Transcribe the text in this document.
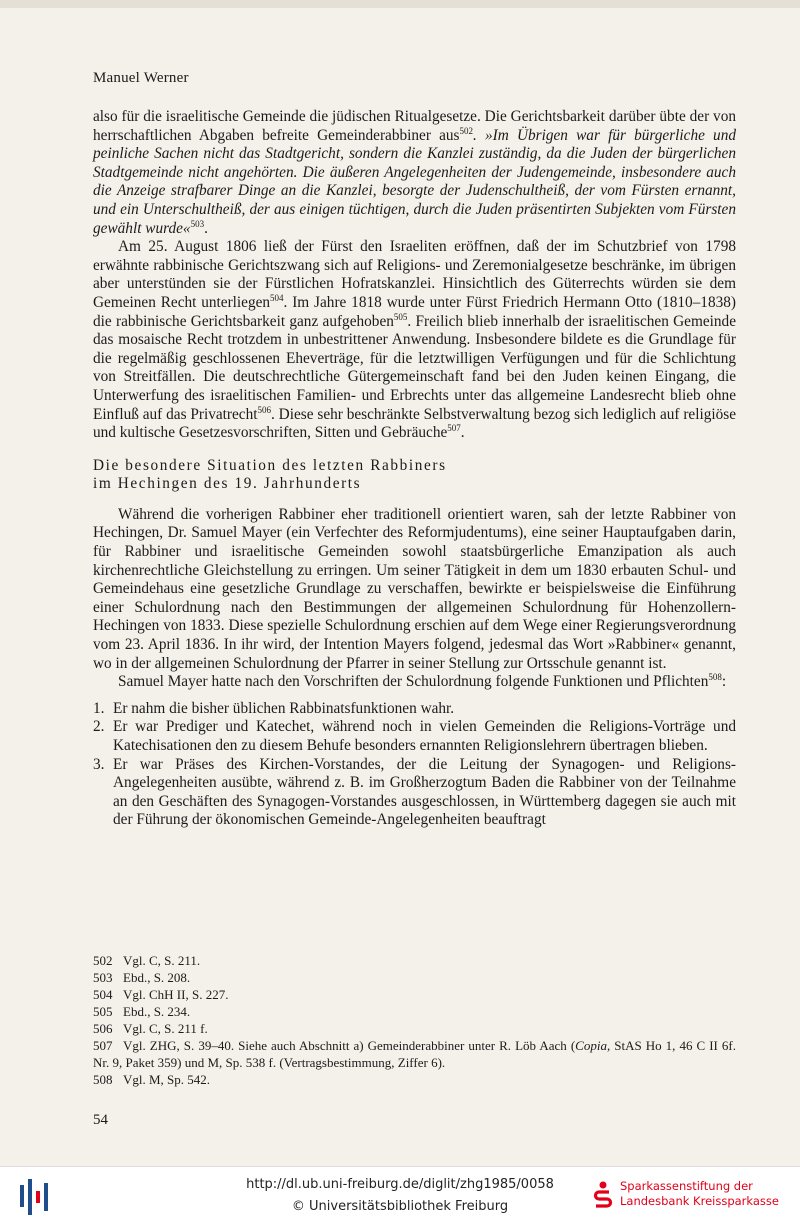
Manuel Werner

also für die israelitische Gemeinde die jüdischen Ritualgesetze. Die Gerichtsbarkeit darüber übte der von herrschaftlichen Abgaben befreite Gemeinderabbiner aus$^{502}$. »Im Übrigen war für bürgerliche und peinliche Sachen nicht das Stadtgericht, sondern die Kanzlei zuständig, da die Juden der bürgerlichen Stadtgemeinde nicht angehörten. Die äußeren Angelegenheiten der Judengemeinde, insbesondere auch die Anzeige strafbarer Dinge an die Kanzlei, besorgte der Judenschultheiß, der vom Fürsten ernannt, und ein Unterschultheiß, der aus einigen tüchtigen, durch die Juden präsentirten Subjekten vom Fürsten gewählt wurde«$^{503}$.

Am 25. August 1806 ließ der Fürst den Israeliten eröffnen, daß der im Schutzbrief von 1798 erwähnte rabbinische Gerichtszwang sich auf Religions- und Zeremonialgesetze beschränke, im übrigen aber unterstünden sie der Fürstlichen Hofratskanzlei. Hinsichtlich des Güterrechts würden sie dem Gemeinen Recht unterliegen$^{504}$. Im Jahre 1818 wurde unter Fürst Friedrich Hermann Otto (1810–1838) die rabbinische Gerichtsbarkeit ganz aufgehoben$^{505}$. Freilich blieb innerhalb der israelitischen Gemeinde das mosaische Recht trotzdem in unbestrittener Anwendung. Insbesondere bildete es die Grundlage für die regelmäßig geschlossenen Eheverträge, für die letztwilligen Verfügungen und für die Schlichtung von Streitfällen. Die deutschrechtliche Gütergemeinschaft fand bei den Juden keinen Eingang, die Unterwerfung des israelitischen Familien- und Erbrechts unter das allgemeine Landesrecht blieb ohne Einfluß auf das Privatrecht$^{506}$. Diese sehr beschränkte Selbstverwaltung bezog sich lediglich auf religiöse und kultische Gesetzesvorschriften, Sitten und Gebräuche$^{507}$.

Die besondere Situation des letzten Rabbiners
im Hechingen des 19. Jahrhunderts

Während die vorherigen Rabbiner eher traditionell orientiert waren, sah der letzte Rabbiner von Hechingen, Dr. Samuel Mayer (ein Verfechter des Reformjudentums), eine seiner Hauptaufgaben darin, für Rabbiner und israelitische Gemeinden sowohl staatsbürgerliche Emanzipation als auch kirchenrechtliche Gleichstellung zu erringen. Um seiner Tätigkeit in dem um 1830 erbauten Schul- und Gemeindehaus eine gesetzliche Grundlage zu verschaffen, bewirkte er beispielsweise die Einführung einer Schulordnung nach den Bestimmungen der allgemeinen Schulordnung für Hohenzollern-Hechingen von 1833. Diese spezielle Schulordnung erschien auf dem Wege einer Regierungsverordnung vom 23. April 1836. In ihr wird, der Intention Mayers folgend, jedesmal das Wort »Rabbiner« genannt, wo in der allgemeinen Schulordnung der Pfarrer in seiner Stellung zur Ortsschule genannt ist.

Samuel Mayer hatte nach den Vorschriften der Schulordnung folgende Funktionen und Pflichten$^{508}$:

1. Er nahm die bisher üblichen Rabbinatsfunktionen wahr.
2. Er war Prediger und Katechet, während noch in vielen Gemeinden die Religions-Vorträge und Katechisationen den zu diesem Behufe besonders ernannten Religionslehrern übertragen blieben.
3. Er war Präses des Kirchen-Vorstandes, der die Leitung der Synagogen- und Religions-Angelegenheiten ausübte, während z. B. im Großherzogtum Baden die Rabbiner von der Teilnahme an den Geschäften des Synagogen-Vorstandes ausgeschlossen, in Württemberg dagegen sie auch mit der Führung der ökonomischen Gemeinde-Angelegenheiten beauftragt
502 Vgl. C, S. 211.
503 Ebd., S. 208.
504 Vgl. ChH II, S. 227.
505 Ebd., S. 234.
506 Vgl. C, S. 211 f.
507 Vgl. ZHG, S. 39–40. Siehe auch Abschnitt a) Gemeinderabbiner unter R. Löb Aach (Copia, StAS Ho 1, 46 C II 6f. Nr. 9, Paket 359) und M, Sp. 538 f. (Vertragsbestimmung, Ziffer 6).
508 Vgl. M, Sp. 542.
54
http://dl.ub.uni-freiburg.de/diglit/zhg1985/0058
© Universitätsbibliothek Freiburg
Sparkassenstiftung der
Landesbank Kreissparkasse
